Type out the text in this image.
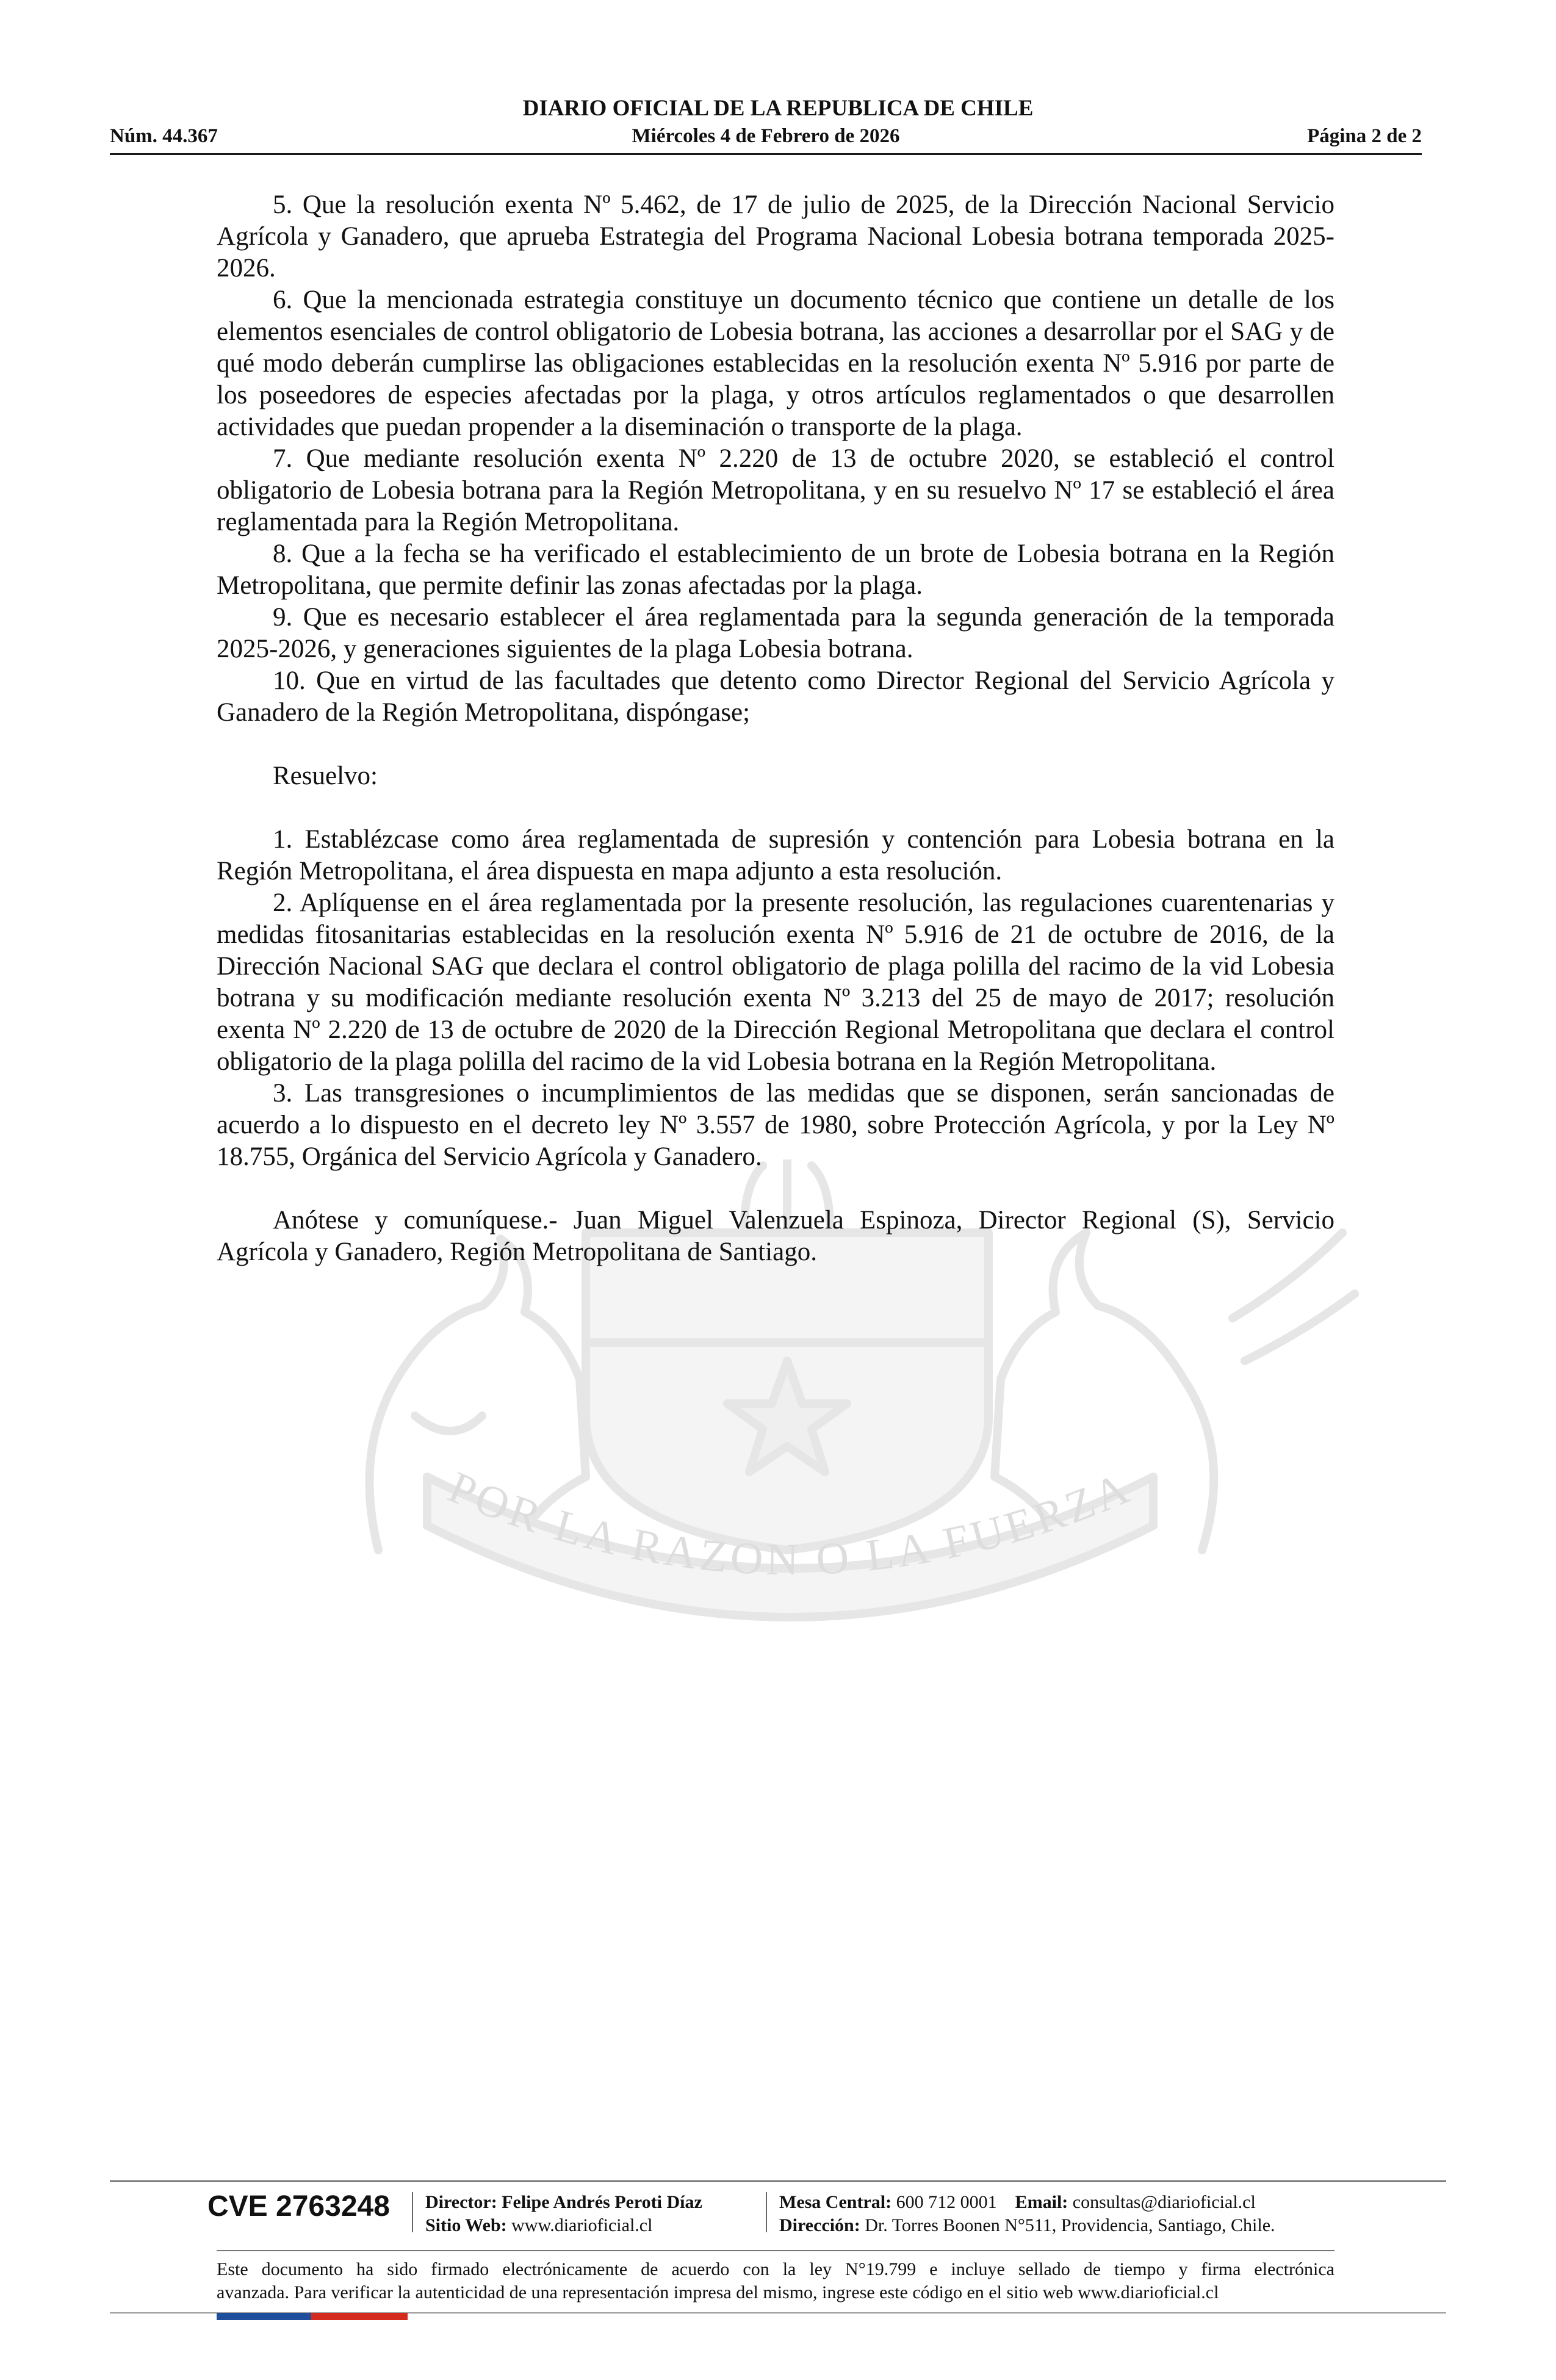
DIARIO OFICIAL DE LA REPUBLICA DE CHILE
Miércoles 4 de Febrero de 2026
Núm. 44.367	Página 2 de 2
POR LA RAZON O LA FUERZA

5. Que la resolución exenta Nº 5.462, de 17 de julio de 2025, de la Dirección Nacional Servicio Agrícola y Ganadero, que aprueba Estrategia del Programa Nacional Lobesia botrana temporada 2025-2026.

6. Que la mencionada estrategia constituye un documento técnico que contiene un detalle de los elementos esenciales de control obligatorio de Lobesia botrana, las acciones a desarrollar por el SAG y de qué modo deberán cumplirse las obligaciones establecidas en la resolución exenta Nº 5.916 por parte de los poseedores de especies afectadas por la plaga, y otros artículos reglamentados o que desarrollen actividades que puedan propender a la diseminación o transporte de la plaga.

7. Que mediante resolución exenta Nº 2.220 de 13 de octubre 2020, se estableció el control obligatorio de Lobesia botrana para la Región Metropolitana, y en su resuelvo Nº 17 se estableció el área reglamentada para la Región Metropolitana.

8. Que a la fecha se ha verificado el establecimiento de un brote de Lobesia botrana en la Región Metropolitana, que permite definir las zonas afectadas por la plaga.

9. Que es necesario establecer el área reglamentada para la segunda generación de la temporada 2025-2026, y generaciones siguientes de la plaga Lobesia botrana.

10. Que en virtud de las facultades que detento como Director Regional del Servicio Agrícola y Ganadero de la Región Metropolitana, dispóngase;

Resuelvo:

1. Establézcase como área reglamentada de supresión y contención para Lobesia botrana en la Región Metropolitana, el área dispuesta en mapa adjunto a esta resolución.

2. Aplíquense en el área reglamentada por la presente resolución, las regulaciones cuarentenarias y medidas fitosanitarias establecidas en la resolución exenta Nº 5.916 de 21 de octubre de 2016, de la Dirección Nacional SAG que declara el control obligatorio de plaga polilla del racimo de la vid Lobesia botrana y su modificación mediante resolución exenta Nº 3.213 del 25 de mayo de 2017; resolución exenta Nº 2.220 de 13 de octubre de 2020 de la Dirección Regional Metropolitana que declara el control obligatorio de la plaga polilla del racimo de la vid Lobesia botrana en la Región Metropolitana.

3. Las transgresiones o incumplimientos de las medidas que se disponen, serán sancionadas de acuerdo a lo dispuesto en el decreto ley Nº 3.557 de 1980, sobre Protección Agrícola, y por la Ley Nº 18.755, Orgánica del Servicio Agrícola y Ganadero.

Anótese y comuníquese.- Juan Miguel Valenzuela Espinoza, Director Regional (S), Servicio Agrícola y Ganadero, Región Metropolitana de Santiago.

CVE 2763248 Director: Felipe Andrés Peroti Díaz
Sitio Web: www.diarioficial.cl
Mesa Central: 600 712 0001 Email: consultas@diarioficial.cl
Dirección: Dr. Torres Boonen N°511, Providencia, Santiago, Chile.
Este documento ha sido firmado electrónicamente de acuerdo con la ley N°19.799 e incluye sellado de tiempo y firma electrónica
avanzada. Para verificar la autenticidad de una representación impresa del mismo, ingrese este código en el sitio web www.diarioficial.cl
